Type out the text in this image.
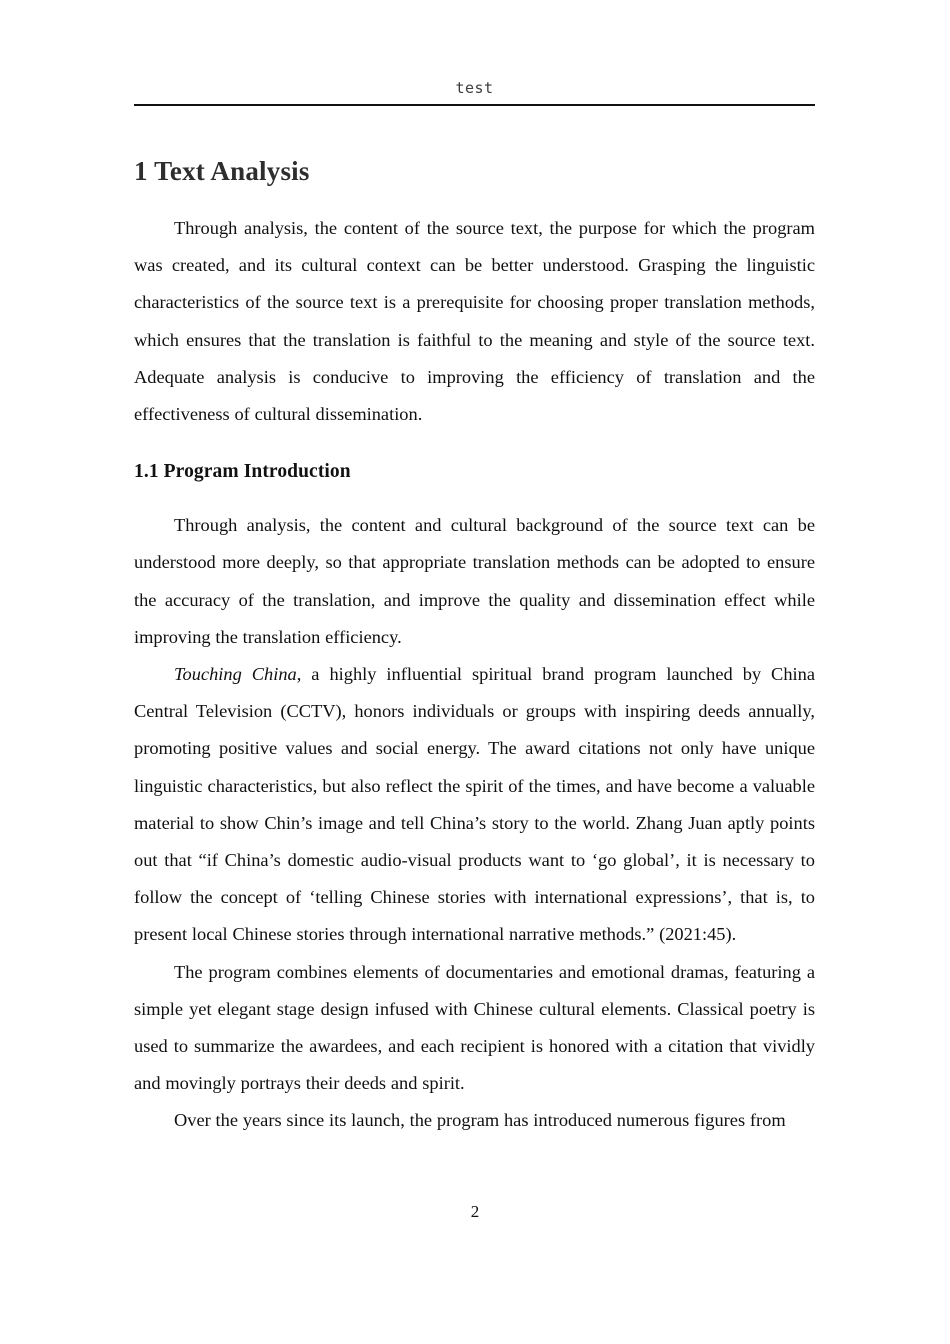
test
1 Text Analysis

Through analysis, the content of the source text, the purpose for which the program was created, and its cultural context can be better understood. Grasping the linguistic characteristics of the source text is a prerequisite for choosing proper translation methods, which ensures that the translation is faithful to the meaning and style of the source text. Adequate analysis is conducive to improving the efficiency of translation and the effectiveness of cultural dissemination.

1.1 Program Introduction

Through analysis, the content and cultural background of the source text can be understood more deeply, so that appropriate translation methods can be adopted to ensure the accuracy of the translation, and improve the quality and dissemination effect while improving the translation efficiency.

Touching China, a highly influential spiritual brand program launched by China Central Television (CCTV), honors individuals or groups with inspiring deeds annually, promoting positive values and social energy. The award citations not only have unique linguistic characteristics, but also reflect the spirit of the times, and have become a valuable material to show Chin’s image and tell China’s story to the world. Zhang Juan aptly points out that “if China’s domestic audio-visual products want to ‘go global’, it is necessary to follow the concept of ‘telling Chinese stories with international expressions’, that is, to present local Chinese stories through international narrative methods.” (2021:45).

The program combines elements of documentaries and emotional dramas, featuring a simple yet elegant stage design infused with Chinese cultural elements. Classical poetry is used to summarize the awardees, and each recipient is honored with a citation that vividly and movingly portrays their deeds and spirit.

Over the years since its launch, the program has introduced numerous figures from

2
